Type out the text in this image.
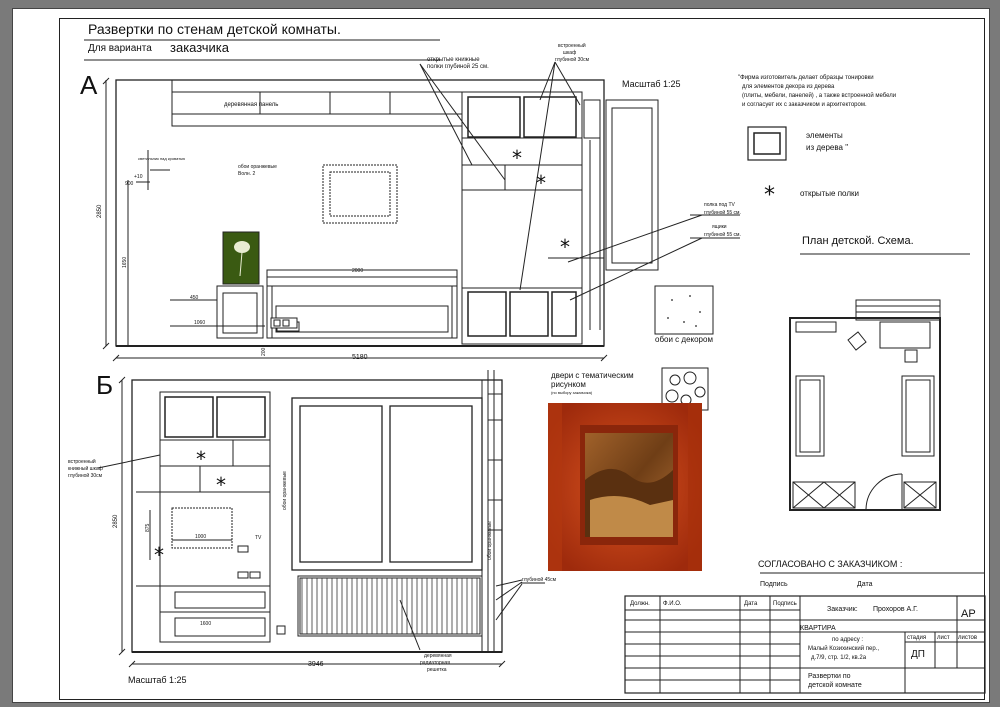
Развертки по стенам детской комнаты.
Для варианта заказчика
А	Масштаб 1:25
деревянная панель
обои оранжевые
Волн. 2
открытые книжные
полки глубиной 25 см.
встроенный
шкаф
глубиной 30см
полка под TV
глубиной 55 см.
ящики
глубиной 55 см.
светильник над кроватью
2850
5180
2000
1650
450
1060
200
900
+10
Б
Масштаб 1:25
встроенный
книжный шкаф
глубиной 30см	обои оранжевые
обои оранжевые
деревянная
радиаторная
решетка
глубиной 45см
TV
2850
3946
1000
1600
875
"Фирма изготовитель делает образцы тонировки
для элементов декора из дерева
(плиты, мебели, панелей) , а также встроенной мебели
и согласует их с заказчиком и архитектором.
элементы
из дерева "
открытые полки
План детской. Схема.
обои с декором
двери с тематическим
рисунком
(по выбору заказчика)
СОГЛАСОВАНО С ЗАКАЗЧИКОМ :
Подпись	Дата
Должн. Ф.И.О.	Дата	Подпись
Заказчик: Прохоров А.Г.	АР
КВАРТИРА
по адресу :
Малый Козихинский пер.,
д.7/9, стр. 1/2, кв.2а
стадия лист листов
ДП
Развертки по
детской комнате
*
*
*
*
*
*
*
